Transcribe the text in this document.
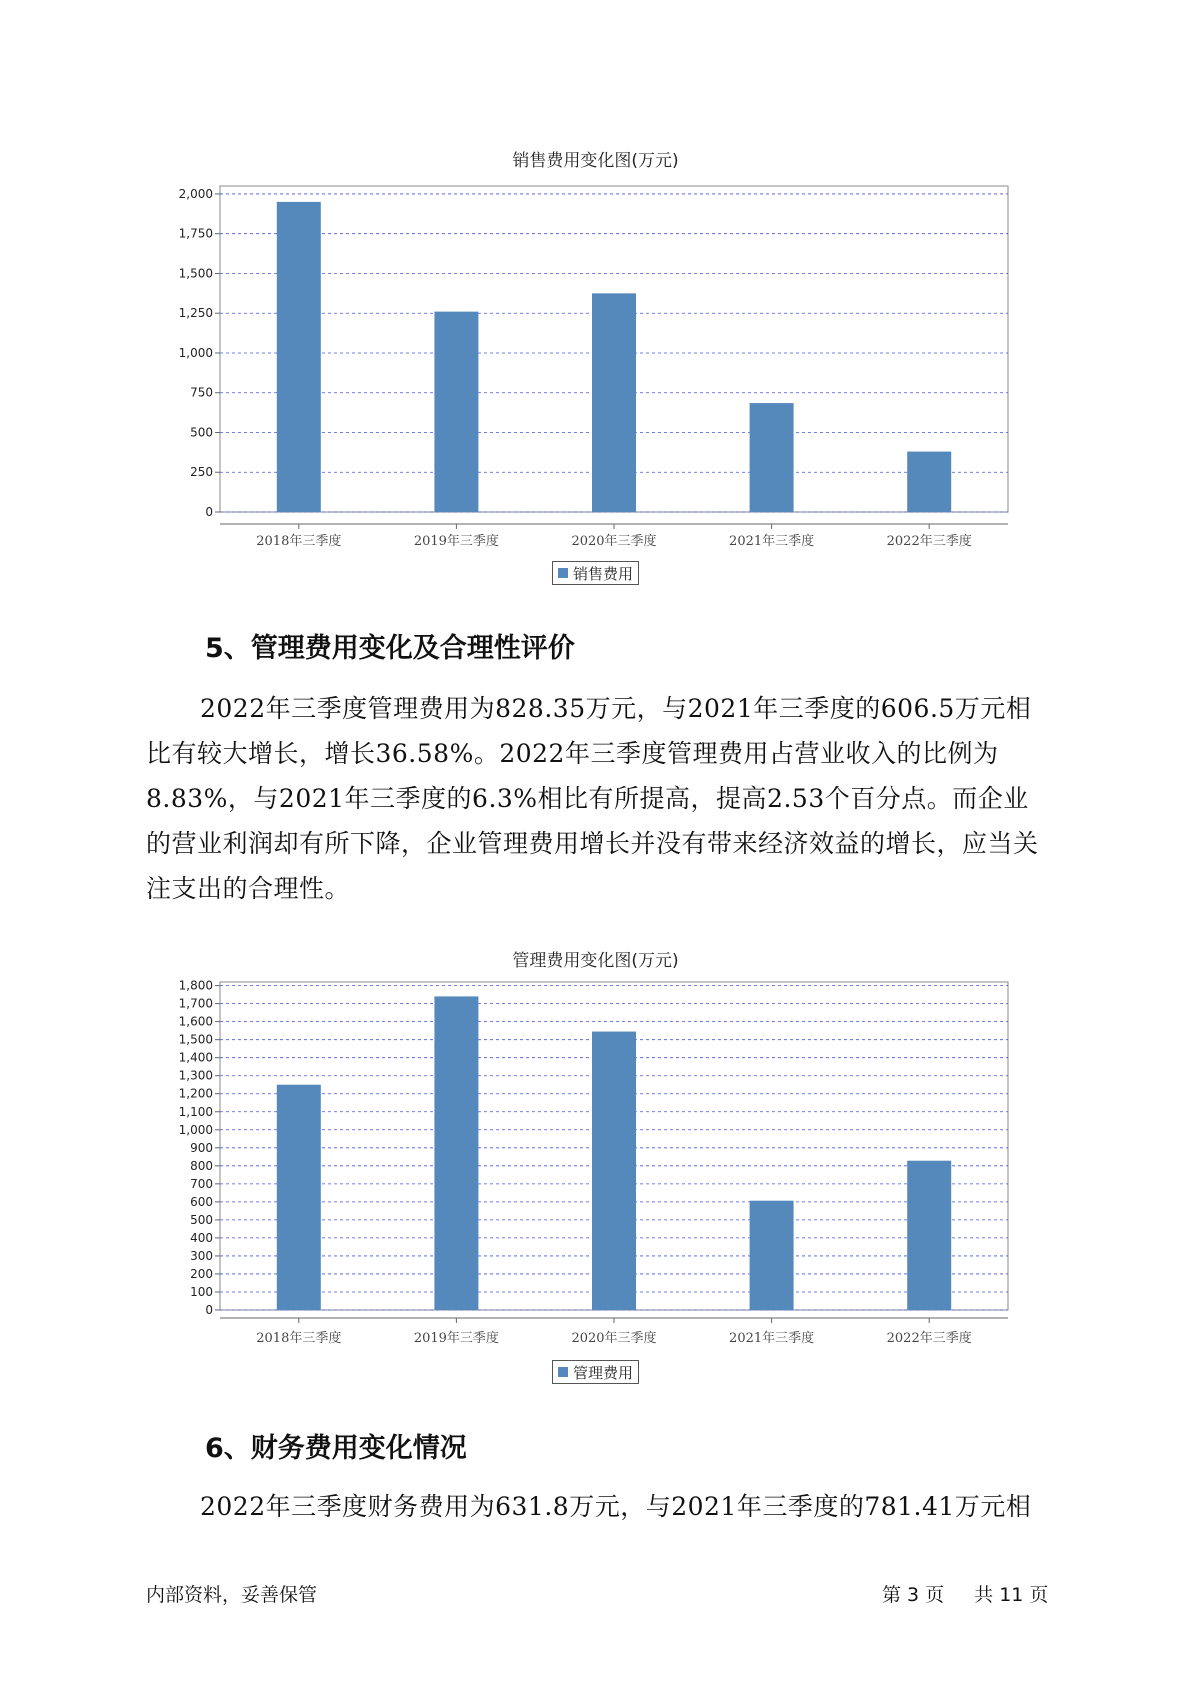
销售费用变化图(万元)
0
250
500
750
1,000
1,250
1,500
1,750
2,000
2018年三季度	2019年三季度	2020年三季度	2021年三季度	2022年三季度
销售费用
5、管理费用变化及合理性评价

2022年三季度管理费用为828.35万元，与2021年三季度的606.5万元相比有较大增长，增长36.58%。2022年三季度管理费用占营业收入的比例为8.83%，与2021年三季度的6.3%相比有所提高，提高2.53个百分点。而企业的营业利润却有所下降，企业管理费用增长并没有带来经济效益的增长，应当关注支出的合理性。

管理费用变化图(万元)
0
100
200
300
400
500
600
700
800
900
1,000
1,100
1,200
1,300
1,400
1,500
1,600
1,700
1,800
2018年三季度	2019年三季度	2020年三季度	2021年三季度	2022年三季度
管理费用
6、财务费用变化情况

2022年三季度财务费用为631.8万元，与2021年三季度的781.41万元相

内部资料，妥善保管	第 3 页 共 11 页
